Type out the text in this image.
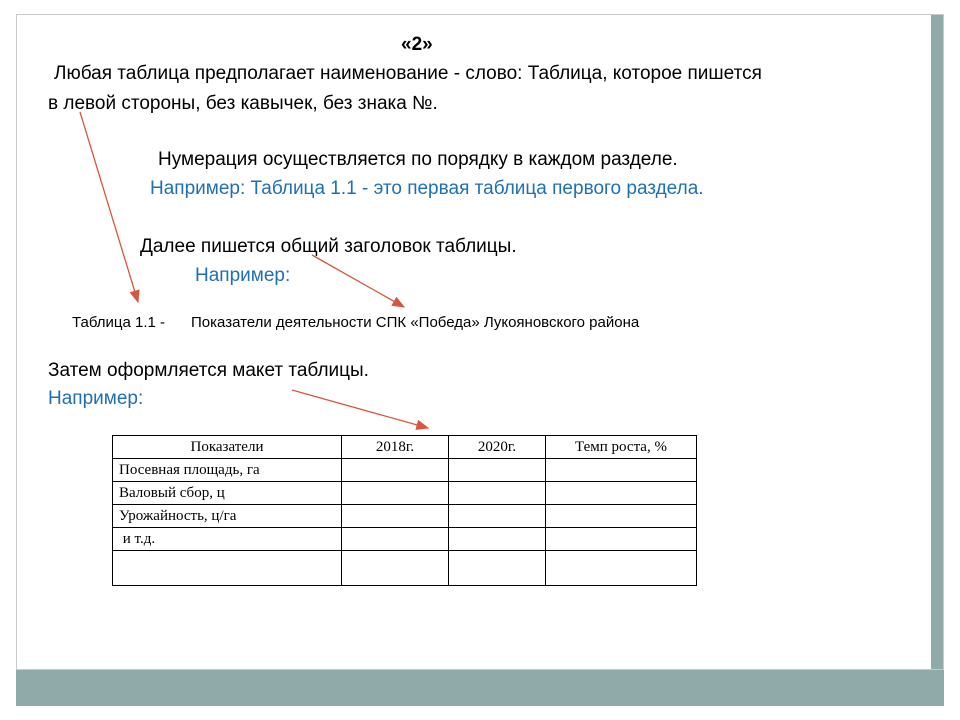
«2»
Любая таблица предполагает наименование - слово: Таблица, которое пишется
в левой стороны, без кавычек, без знака №.
Нумерация осуществляется по порядку в каждом разделе.
Например: Таблица 1.1 - это первая таблица первого раздела.
Далее пишется общий заголовок таблицы.
Например:
Таблица 1.1 - Показатели деятельности СПК «Победа» Лукояновского района
Затем оформляется макет таблицы.
Например:
Показатели	2018г.	2020г.	Темп роста, %
Посевная площадь, га			
Валовый сбор, ц			
Урожайность, ц/га			
и т.д.			
